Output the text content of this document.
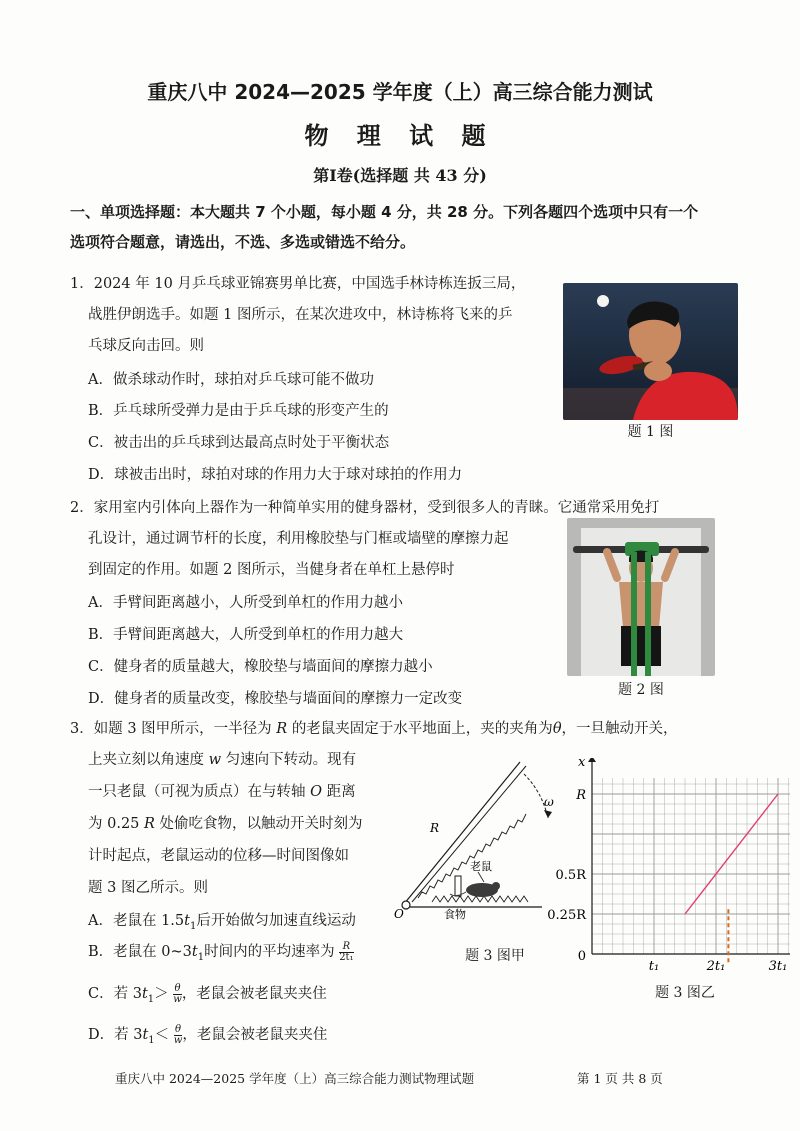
重庆八中 2024—2025 学年度（上）高三综合能力测试
物 理 试 题
第Ⅰ卷(选择题 共 43 分)
一、单项选择题：本大题共 7 个小题，每小题 4 分，共 28 分。下列各题四个选项中只有一个
选项符合题意，请选出，不选、多选或错选不给分。
1．2024 年 10 月乒乓球亚锦赛男单比赛，中国选手林诗栋连扳三局，
战胜伊朗选手。如题 1 图所示，在某次进攻中，林诗栋将飞来的乒
乓球反向击回。则
A．做杀球动作时，球拍对乒乓球可能不做功
B．乒乓球所受弹力是由于乒乓球的形变产生的
C．被击出的乒乓球到达最高点时处于平衡状态
D．球被击出时，球拍对球的作用力大于球对球拍的作用力
题 1 图
2．家用室内引体向上器作为一种简单实用的健身器材，受到很多人的青睐。它通常采用免打
孔设计，通过调节杆的长度，利用橡胶垫与门框或墙壁的摩擦力起
到固定的作用。如题 2 图所示，当健身者在单杠上悬停时
A．手臂间距离越小，人所受到单杠的作用力越小
B．手臂间距离越大，人所受到单杠的作用力越大
C．健身者的质量越大，橡胶垫与墙面间的摩擦力越小
D．健身者的质量改变，橡胶垫与墙面间的摩擦力一定改变
题 2 图
3．如题 3 图甲所示，一半径为 R 的老鼠夹固定于水平地面上，夹的夹角为θ，一旦触动开关，
上夹立刻以角速度 w 匀速向下转动。现有
一只老鼠（可视为质点）在与转轴 O 距离
为 0.25 R 处偷吃食物，以触动开关时刻为
计时起点，老鼠运动的位移—时间图像如
题 3 图乙所示。则
A．老鼠在 $1.5t_1$后开始做匀加速直线运动
B．老鼠在 $0\sim 3t_1$时间内的平均速率为 $\frac{R}{\text{2t₁}}$
C．若 $3t_1> \frac{\theta}{w}$ ，老鼠会被老鼠夹夹住
D．若 $3t_1< \frac{\theta}{w}$ ，老鼠会被老鼠夹夹住
R
ω
老鼠
O	食物
题 3 图甲
x
R
0.5R
0.25R
0
t₁	2t₁	3t₁
题 3 图乙
重庆八中 2024—2025 学年度（上）高三综合能力测试物理试题	第 1 页 共 8 页
